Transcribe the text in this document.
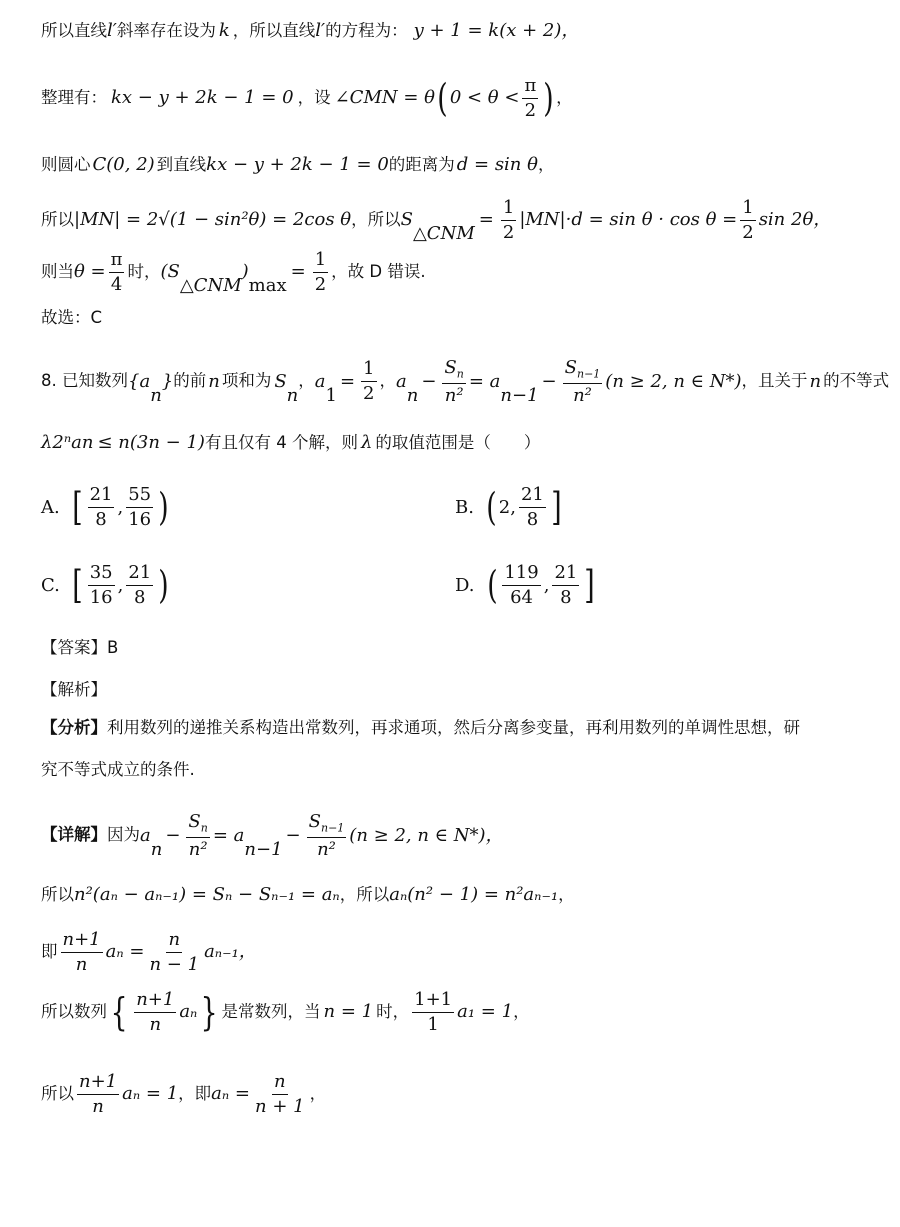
所以直线 l′ 斜率存在设为 k ，所以直线 l′ 的方程为： y + 1 = k(x + 2)，
整理有： kx − y + 2k − 1 = 0 ，设 ∠CMN = θ ( $0 < \theta < \frac{\pi}{2}$ ) ，
则圆心 C(0, 2) 到直线 kx − y + 2k − 1 = 0 的距离为 d = sin θ ，
所以 |MN| = 2√(1 − sin²θ) = 2cos θ ，所以 S
△CNM
= $\frac{1}{2} |MN|\cdot d = \sin \theta \cdot \cos \theta = \frac{1}{2}$ sin 2θ，
则当 $\theta = \frac{\pi}{4}$ 时， (S
△CNM
)
max
= $\frac{1}{2}$ ，故 D 错误.
故选：C
8. 已知数列 {a
n
} 的前 n 项和为 S
n
， a
1
= $\frac{1}{2}$ ， a
n
− $\frac{S_n}{\text{n²}} = a$
n−1
− $\frac{S_{n-1}}{\text{n²}} (n \ge 2$, n ∈ N*) ，且关于 n 的不等式
λ2ⁿa n ≤ n(3n − 1) 有且仅有 4 个解，则 λ 的取值范围是（　　）
A. [ $\frac{21}{8}$ , $\frac{55}{16}$ )	B. ( 2, $\frac{21}{8}$ ]
C. [ $\frac{35}{16}$ , $\frac{21}{8}$ )	D. ( $\frac{119}{64}$ , $\frac{21}{8}$ ]
【答案】B
【解析】
【分析】 利用数列的递推关系构造出常数列，再求通项，然后分离参变量，再利用数列的单调性思想，研
究不等式成立的条件.
【详解】 因为 a
n
− $\frac{S_n}{\text{n²}} = a$
n−1
− $\frac{S_{n-1}}{\text{n²}} (n \ge 2$, n ∈ N*)，
所以 n²(aₙ − aₙ₋₁) = Sₙ − Sₙ₋₁ = aₙ ，所以 aₙ(n² − 1) = n²aₙ₋₁ ，
即 $\frac{n+1}{n}$ $a_n = \frac{n}{n - 1} a_{n-1}$，
所以数列 { $\frac{n+1}{n}$ aₙ } 是常数列，当 n = 1 时， $\frac{1+1}{1} a_1 = 1$ ，
所以 $\frac{n+1}{n}$ aₙ = 1 ，即 $a_n = \frac{n}{n + 1}$ ，
